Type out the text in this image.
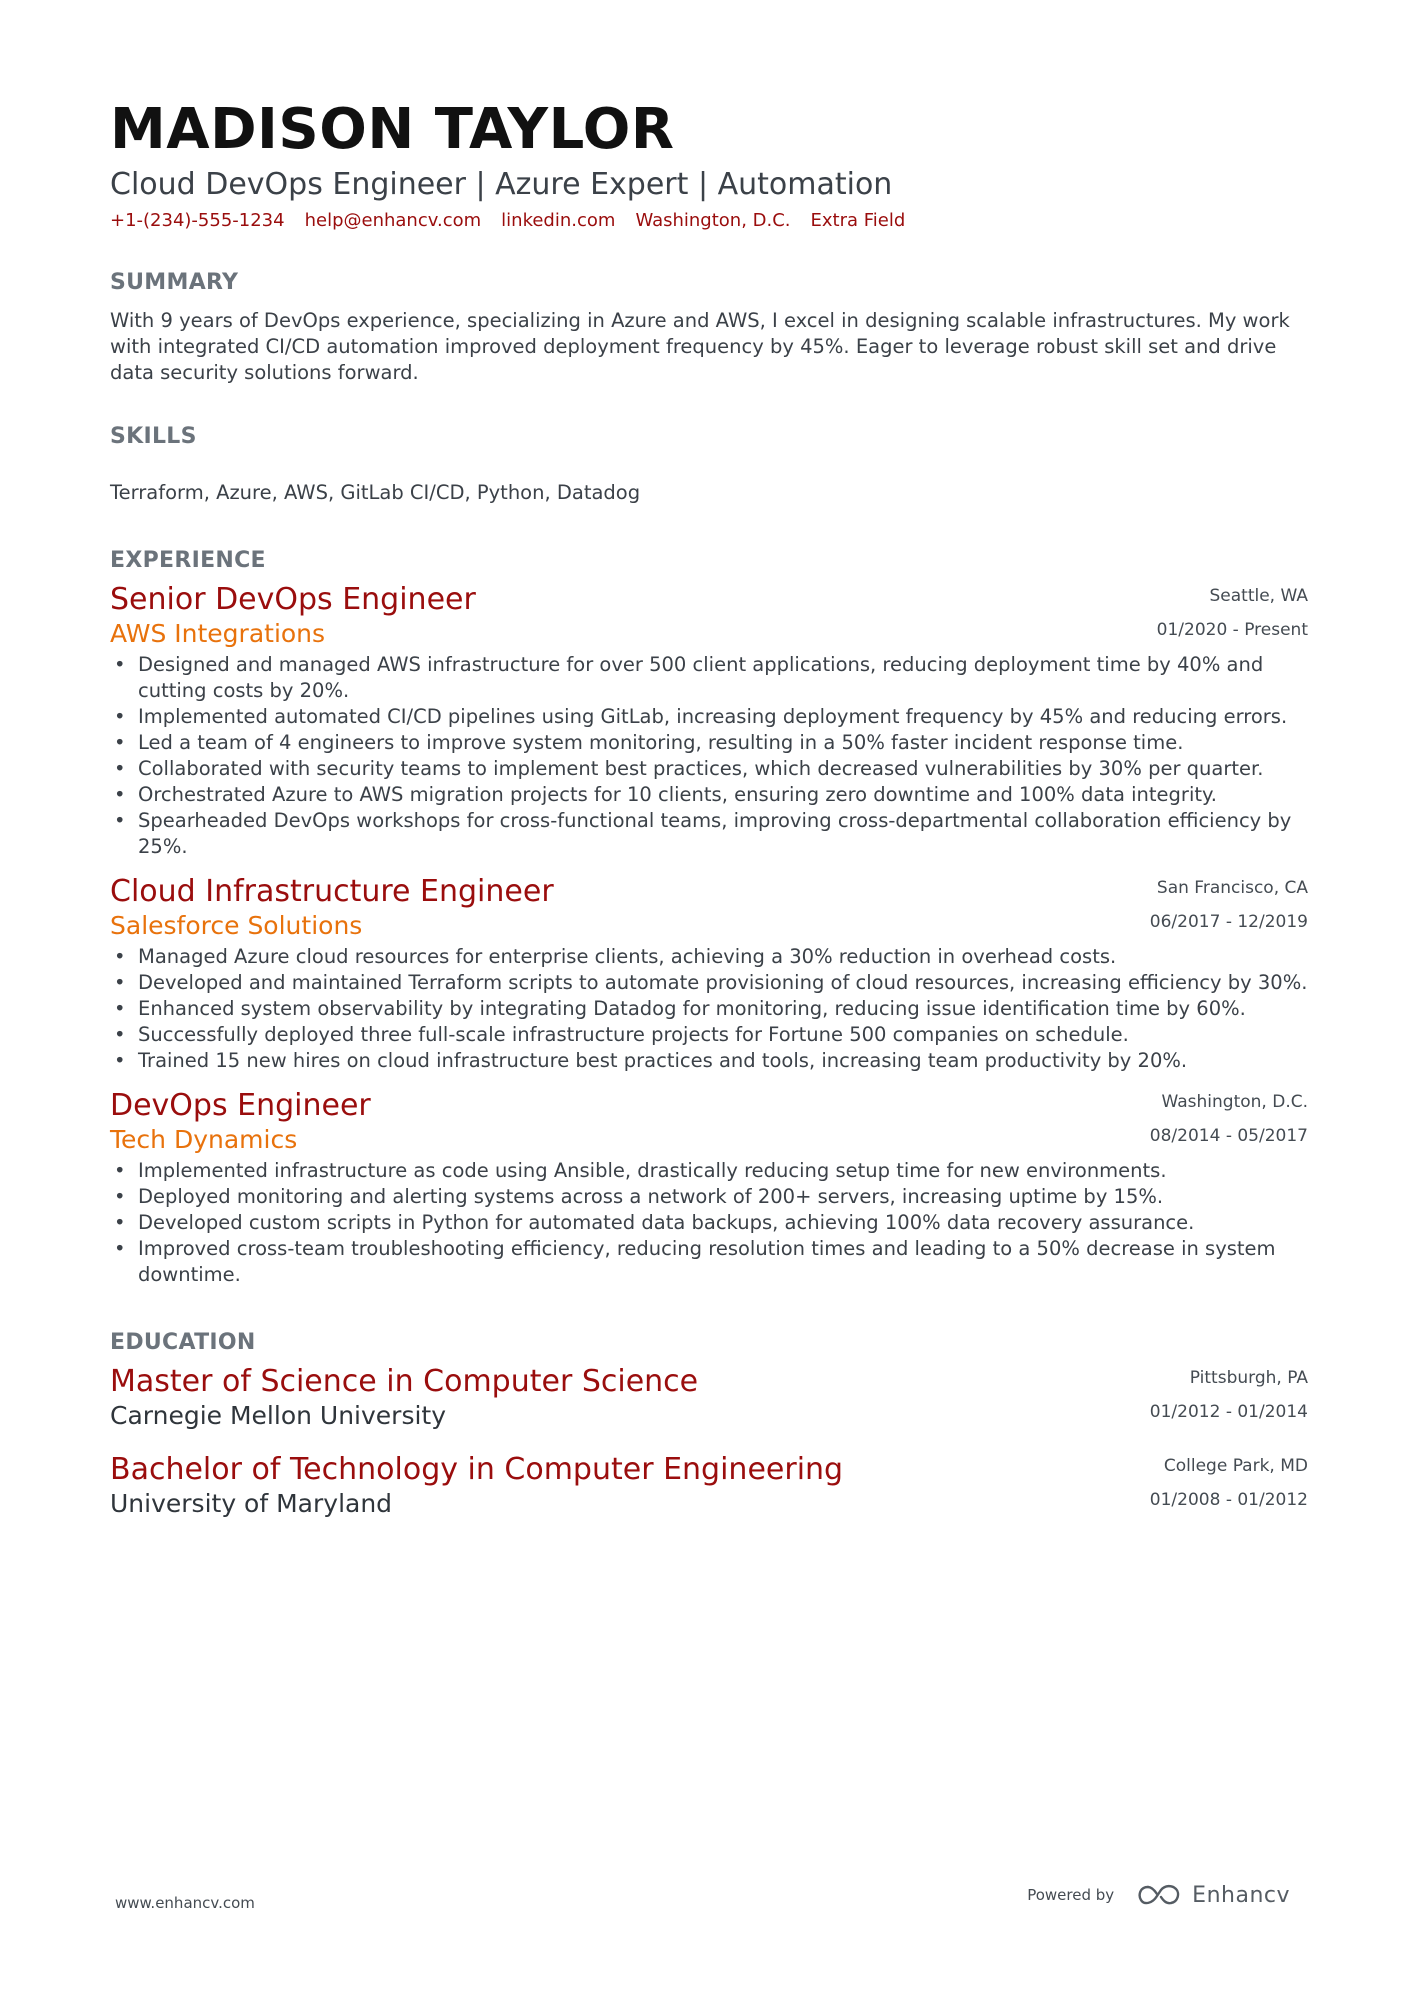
MADISON TAYLOR
Cloud DevOps Engineer | Azure Expert | Automation
+1-(234)-555-1234 help@enhancv.com linkedin.com Washington, D.C. Extra Field
SUMMARY
With 9 years of DevOps experience, specializing in Azure and AWS, I excel in designing scalable infrastructures. My work with integrated CI/CD automation improved deployment frequency by 45%. Eager to leverage robust skill set and drive data security solutions forward.
SKILLS
Terraform, Azure, AWS, GitLab CI/CD, Python, Datadog
EXPERIENCE
Senior DevOps Engineer
AWS Integrations
Seattle, WA
01/2020 - Present
• Designed and managed AWS infrastructure for over 500 client applications, reducing deployment time by 40% and cutting costs by 20%.
• Implemented automated CI/CD pipelines using GitLab, increasing deployment frequency by 45% and reducing errors.
• Led a team of 4 engineers to improve system monitoring, resulting in a 50% faster incident response time.
• Collaborated with security teams to implement best practices, which decreased vulnerabilities by 30% per quarter.
• Orchestrated Azure to AWS migration projects for 10 clients, ensuring zero downtime and 100% data integrity.
• Spearheaded DevOps workshops for cross-functional teams, improving cross-departmental collaboration efficiency by 25%.
Cloud Infrastructure Engineer
Salesforce Solutions
San Francisco, CA
06/2017 - 12/2019
• Managed Azure cloud resources for enterprise clients, achieving a 30% reduction in overhead costs.
• Developed and maintained Terraform scripts to automate provisioning of cloud resources, increasing efficiency by 30%.
• Enhanced system observability by integrating Datadog for monitoring, reducing issue identification time by 60%.
• Successfully deployed three full-scale infrastructure projects for Fortune 500 companies on schedule.
• Trained 15 new hires on cloud infrastructure best practices and tools, increasing team productivity by 20%.
DevOps Engineer
Tech Dynamics
Washington, D.C.
08/2014 - 05/2017
• Implemented infrastructure as code using Ansible, drastically reducing setup time for new environments.
• Deployed monitoring and alerting systems across a network of 200+ servers, increasing uptime by 15%.
• Developed custom scripts in Python for automated data backups, achieving 100% data recovery assurance.
• Improved cross-team troubleshooting efficiency, reducing resolution times and leading to a 50% decrease in system downtime.
EDUCATION
Master of Science in Computer Science
Carnegie Mellon University
Pittsburgh, PA
01/2012 - 01/2014
Bachelor of Technology in Computer Engineering
University of Maryland
College Park, MD
01/2008 - 01/2012
www.enhancv.com	Powered by	Enhancv
